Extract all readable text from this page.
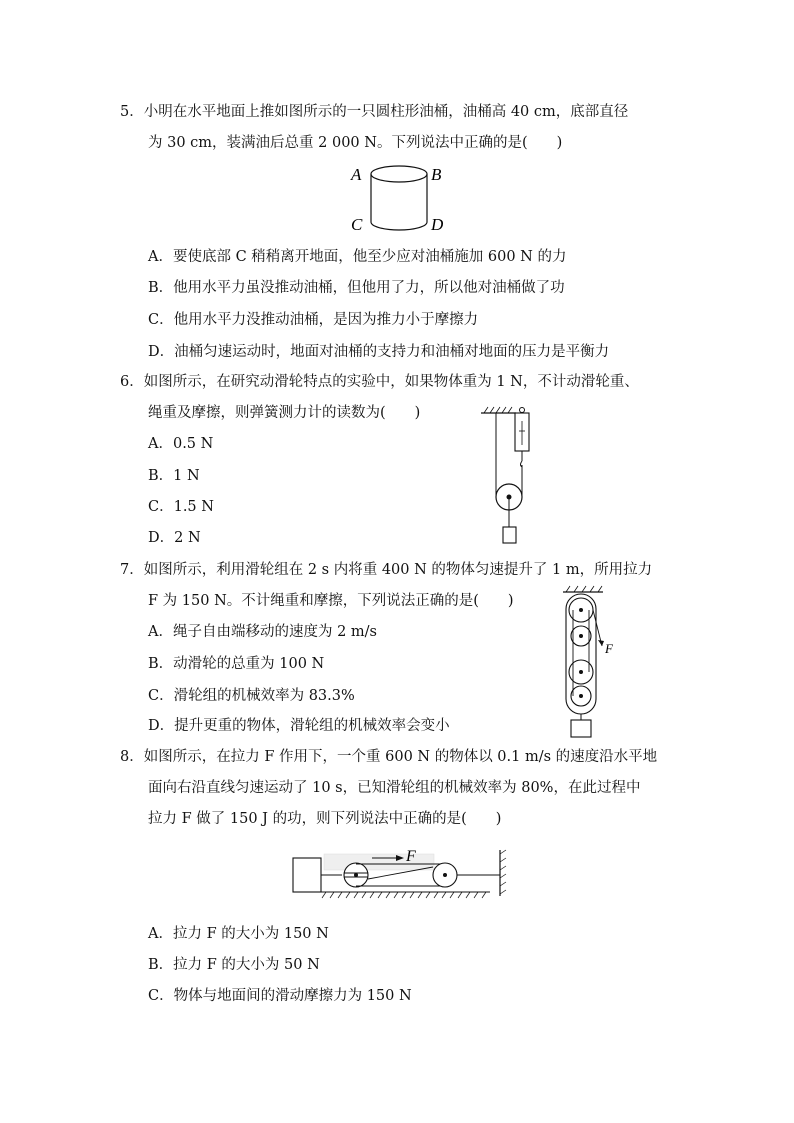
5．小明在水平地面上推如图所示的一只圆柱形油桶，油桶高 40 cm，底部直径
为 30 cm，装满油后总重 2 000 N。下列说法中正确的是(　　)
A	B
C	D
A．要使底部 C 稍稍离开地面，他至少应对油桶施加 600 N 的力
B．他用水平力虽没推动油桶，但他用了力，所以他对油桶做了功
C．他用水平力没推动油桶，是因为推力小于摩擦力
D．油桶匀速运动时，地面对油桶的支持力和油桶对地面的压力是平衡力
6．如图所示，在研究动滑轮特点的实验中，如果物体重为 1 N，不计动滑轮重、
绳重及摩擦，则弹簧测力计的读数为(　　)
A．0.5 N
B．1 N
C．1.5 N
D．2 N
7．如图所示，利用滑轮组在 2 s 内将重 400 N 的物体匀速提升了 1 m，所用拉力
F 为 150 N。不计绳重和摩擦，下列说法正确的是(　　)
A．绳子自由端移动的速度为 2 m/s
B．动滑轮的总重为 100 N
C．滑轮组的机械效率为 83.3%
D．提升更重的物体，滑轮组的机械效率会变小
F
8．如图所示，在拉力 F 作用下，一个重 600 N 的物体以 0.1 m/s 的速度沿水平地
面向右沿直线匀速运动了 10 s，已知滑轮组的机械效率为 80%，在此过程中
拉力 F 做了 150 J 的功，则下列说法中正确的是(　　)
F
A．拉力 F 的大小为 150 N
B．拉力 F 的大小为 50 N
C．物体与地面间的滑动摩擦力为 150 N
